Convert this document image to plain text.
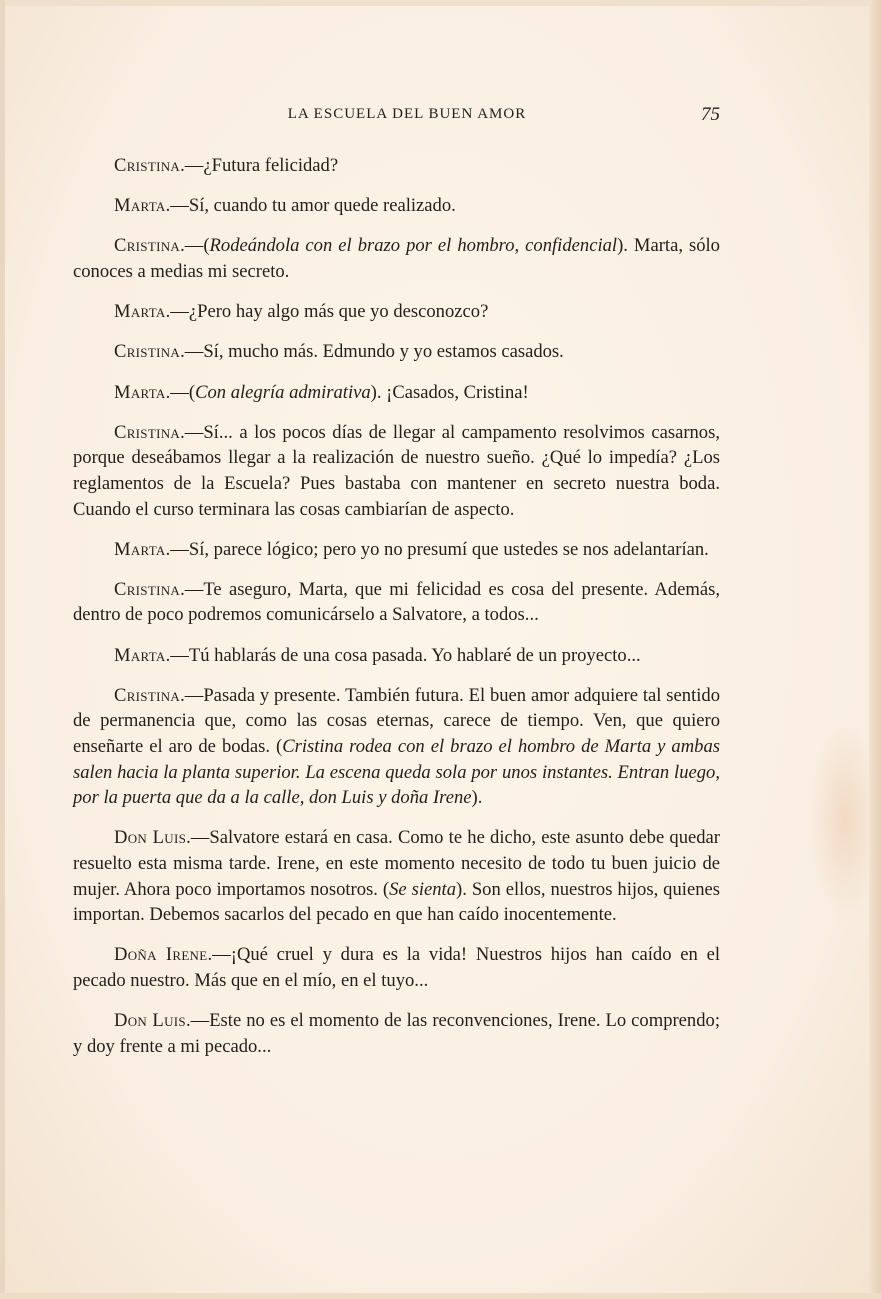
LA ESCUELA DEL BUEN AMOR	75

Cristina.—¿Futura felicidad?

Marta.—Sí, cuando tu amor quede realizado.

Cristina.—(Rodeándola con el brazo por el hombro, confidencial). Marta, sólo conoces a medias mi secreto.

Marta.—¿Pero hay algo más que yo desconozco?

Cristina.—Sí, mucho más. Edmundo y yo estamos casados.

Marta.—(Con alegría admirativa). ¡Casados, Cristina!

Cristina.—Sí... a los pocos días de llegar al campamento resolvimos casarnos, porque deseábamos llegar a la realización de nuestro sueño. ¿Qué lo impedía? ¿Los reglamentos de la Escuela? Pues bastaba con mantener en secreto nuestra boda. Cuando el curso terminara las cosas cambiarían de aspecto.

Marta.—Sí, parece lógico; pero yo no presumí que ustedes se nos adelantarían.

Cristina.—Te aseguro, Marta, que mi felicidad es cosa del presente. Además, dentro de poco podremos comunicárselo a Salvatore, a todos...

Marta.—Tú hablarás de una cosa pasada. Yo hablaré de un proyecto...

Cristina.—Pasada y presente. También futura. El buen amor adquiere tal sentido de permanencia que, como las cosas eternas, carece de tiempo. Ven, que quiero enseñarte el aro de bodas. (Cristina rodea con el brazo el hombro de Marta y ambas salen hacia la planta superior. La escena queda sola por unos instantes. Entran luego, por la puerta que da a la calle, don Luis y doña Irene).

Don Luis.—Salvatore estará en casa. Como te he dicho, este asunto debe quedar resuelto esta misma tarde. Irene, en este momento necesito de todo tu buen juicio de mujer. Ahora poco importamos nosotros. (Se sienta). Son ellos, nuestros hijos, quienes importan. Debemos sacarlos del pecado en que han caído inocentemente.

Doña Irene.—¡Qué cruel y dura es la vida! Nuestros hijos han caído en el pecado nuestro. Más que en el mío, en el tuyo...

Don Luis.—Este no es el momento de las reconvenciones, Irene. Lo comprendo; y doy frente a mi pecado...
